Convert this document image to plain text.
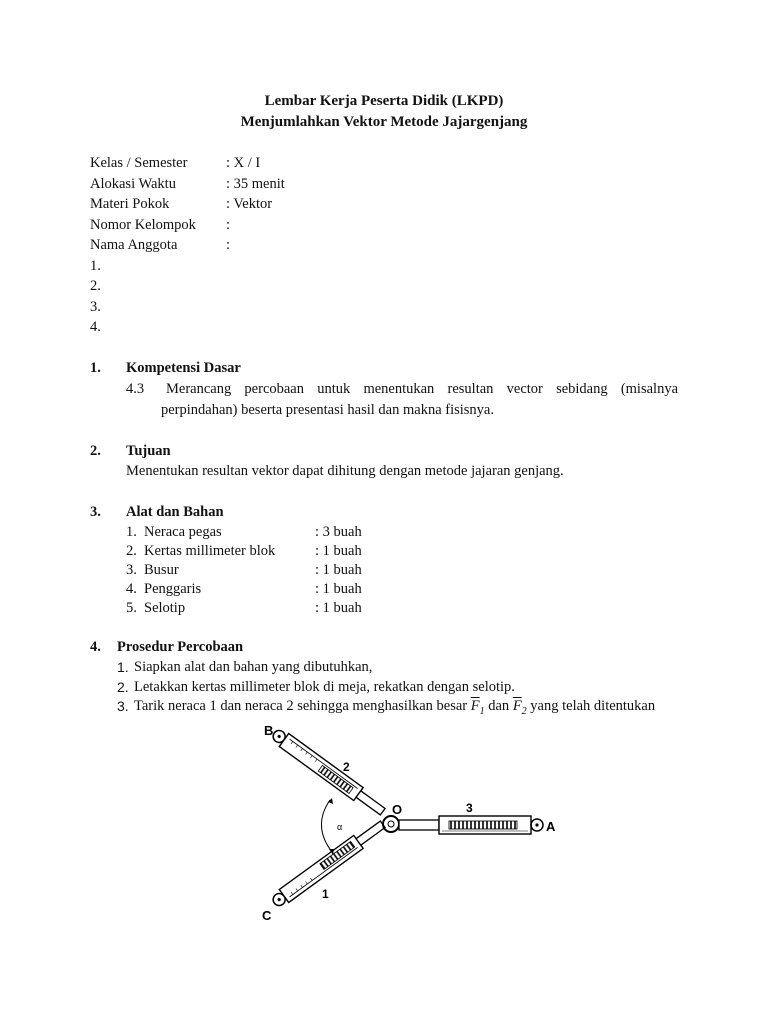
Lembar Kerja Peserta Didik (LKPD)
Menjumlahkan Vektor Metode Jajargenjang
Kelas / Semester	: X / I
Alokasi Waktu	: 35 menit
Materi Pokok	: Vektor
Nomor Kelompok :
Nama Anggota	:
1.
2.
3.
4.
1. Kompetensi Dasar
4.3 Merancang percobaan untuk menentukan resultan vector sebidang (misalnya
perpindahan) beserta presentasi hasil dan makna fisisnya.
2. Tujuan
Menentukan resultan vektor dapat dihitung dengan metode jajaran genjang.
3. Alat dan Bahan
1. Neraca pegas	: 3 buah
2. Kertas millimeter blok	: 1 buah
3. Busur	: 1 buah
4. Penggaris	: 1 buah
5. Selotip	: 1 buah
4. Prosedur Percobaan
1. Siapkan alat dan bahan yang dibutuhkan,
2. Letakkan kertas millimeter blok di meja, rekatkan dengan selotip.
3. Tarik neraca 1 dan neraca 2 sehingga menghasilkan besar $\overline{F}_1$ dan $\overline{F}_2$ yang telah ditentukan
B
C
O
A
2
1
3
α
